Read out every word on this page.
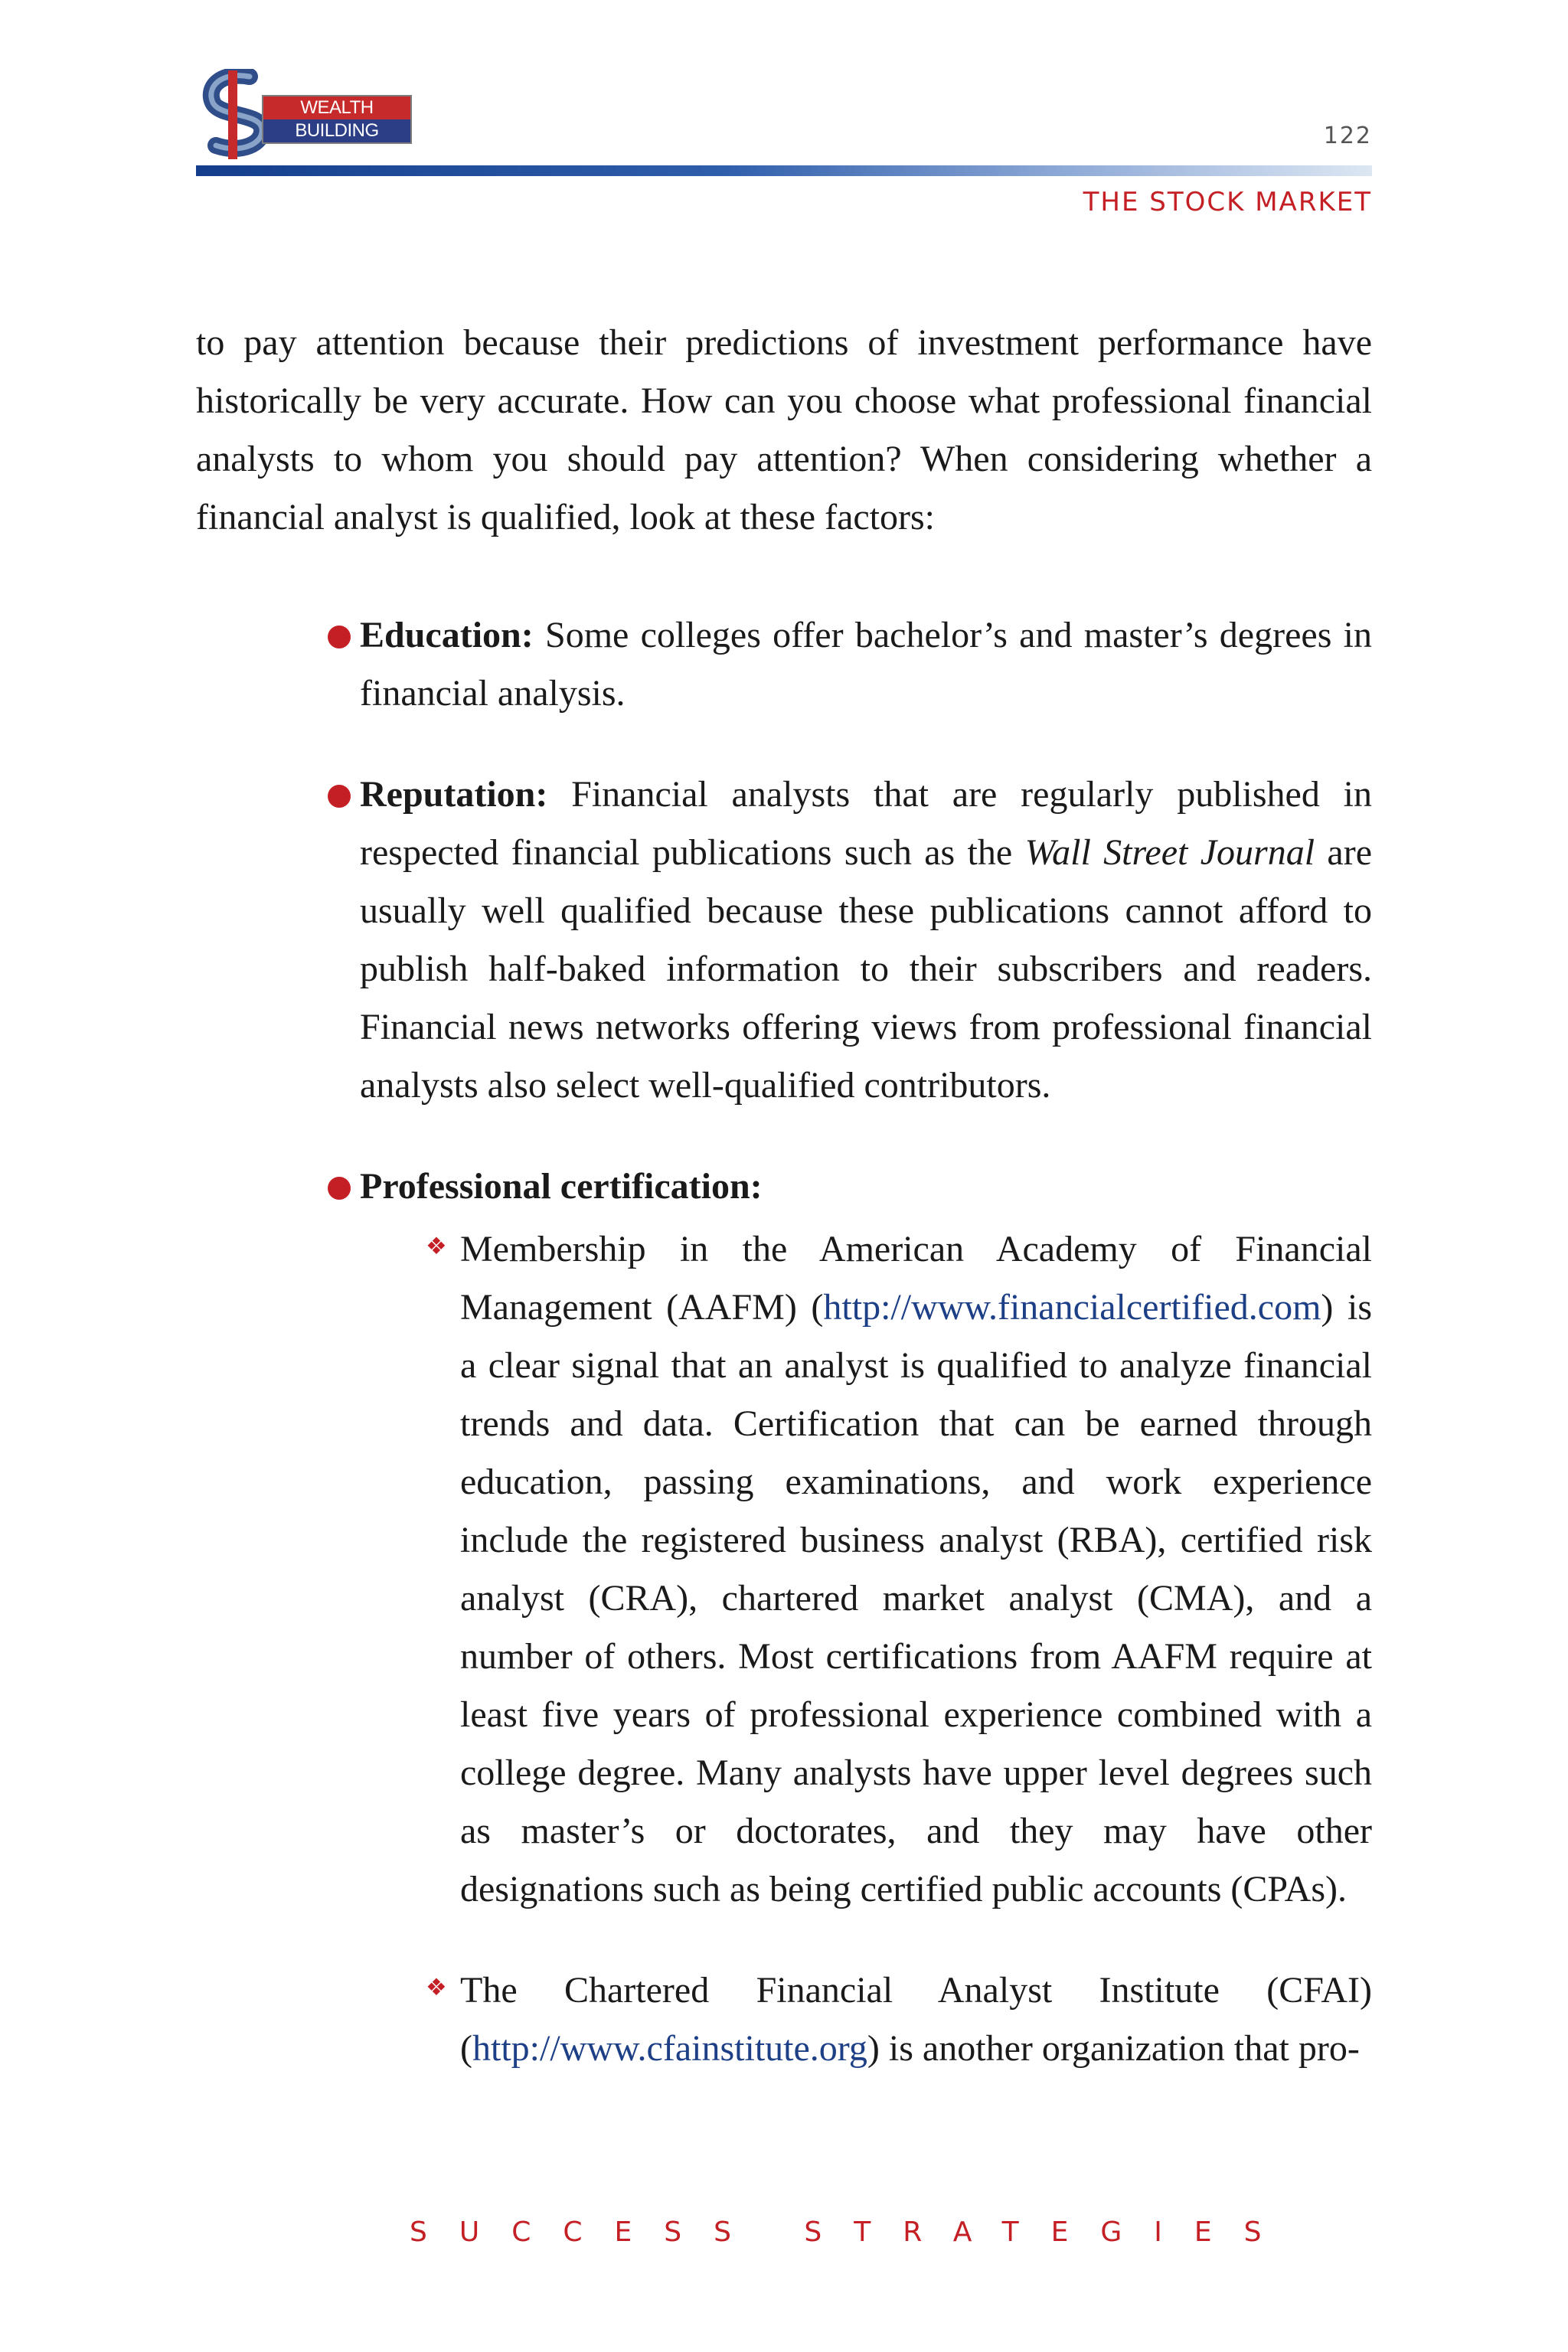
WEALTH BUILDING
STRATEGIES
122
THE STOCK MARKET

to pay attention because their predictions of investment performance have historically be very accurate. How can you choose what professional financial analysts to whom you should pay attention? When considering whether a financial analyst is qualified, look at these factors:

Education: Some colleges offer bachelor’s and master’s degrees in financial analysis.
Reputation: Financial analysts that are regularly published in respected financial publications such as the Wall Street Journal are usually well qualified because these publications cannot afford to publish half-baked information to their subscribers and readers. Financial news networks offering views from professional financial analysts also select well-qualified contributors.
Professional certification:
❖ Membership in the American Academy of Financial Management (AAFM) (http://www.financialcertified.com) is a clear signal that an analyst is qualified to analyze financial trends and data. Certification that can be earned through education, passing examinations, and work experience include the registered business analyst (RBA), certified risk analyst (CRA), chartered market analyst (CMA), and a number of others. Most certifications from AAFM require at least five years of professional experience combined with a college degree. Many analysts have upper level degrees such as master’s or doctorates, and they may have other designations such as being certified public accounts (CPAs).
❖ The Chartered Financial Analyst Institute (CFAI) (http://www.cfainstitute.org) is another organization that pro-
SUCCESS STRATEGIES
